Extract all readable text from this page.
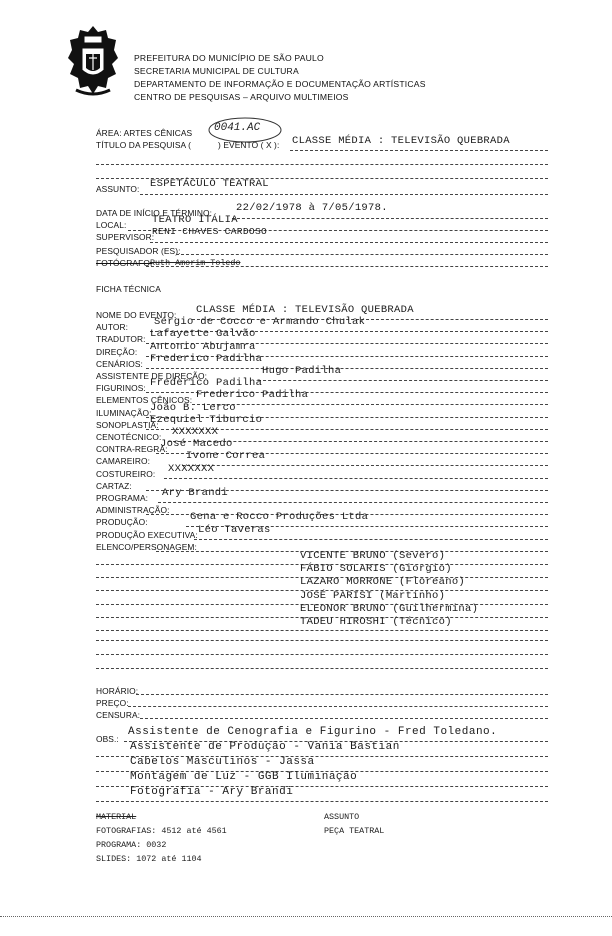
PREFEITURA DO MUNICÍPIO DE SÃO PAULO
SECRETARIA MUNICIPAL DE CULTURA
DEPARTAMENTO DE INFORMAÇÃO E DOCUMENTAÇÃO ARTÍSTICAS
CENTRO DE PESQUISAS – ARQUIVO MULTIMEIOS
ÁREA: ARTES CÊNICAS 0041.AC
TÍTULO DA PESQUISA (	) EVENTO ( X ): CLASSE MÉDIA : TELEVISÃO QUEBRADA
ASSUNTO: ESPETÁCULO TEATRAL
DATA DE INÍCIO E TÉRMINO: 22/02/1978 à 7/05/1978.
LOCAL: TEATRO ITÁLIA
SUPERVISOR:
RENI CHAVES CARDOSO
PESQUISADOR (ES):
FOTÓGRAFO:
Ruth Amorim Toledo
FICHA TÉCNICA
NOME DO EVENTO: CLASSE MÉDIA : TELEVISÃO QUEBRADA
AUTOR: Sérgio de Cocco e Armando Chulak
TRADUTOR: Lafayette Galvão
DIREÇÃO: Antonio Abujamra
CENÁRIOS: Frederico Padilha
ASSISTENTE DE DIREÇÃO:	Hugo Padilha
FIGURINOS: Frederico Padilha
ELEMENTOS CÊNICOS: Frederico Padilha
ILUMINAÇÃO:
João B. Lerco
SONOPLASTIA:
Ezequiel Tiburcio
CENOTÉCNICO: XXXXXXX
CONTRA-REGRA:
José Macedo
CAMAREIRO:	Ivone Correa
COSTUREIRO: XXXXXXX
CARTAZ:
PROGRAMA: Ary Brandi
ADMINISTRAÇÃO:
PRODUÇÃO:	Gena e Rocco Produções Ltda
PRODUÇÃO EXECUTIVA: Léo Taveras
ELENCO/PERSONAGEM:
VICENTE BRUNO (Severo)
FÁBIO SOLARIS (Giorgio)
LAZARO MORRONE (Floreano)
JOSÉ PARISI (Martinho)
ELEONOR BRUNO (Guilhermina)
TADEU HIROSHI (Técnico)
HORÁRIO:
PREÇO:
CENSURA:
OBS.:
Assistente de Cenografia e Figurino - Fred Toledano.
Assistente de Produção - Vania Bastian
Cabelos Masculinos - Jassa
Montagem de Luz - GGB Iluminação
Fotografia - Ary Brandi
MATERIAL
FOTOGRAFIAS: 4512 até 4561
PROGRAMA: 0032
SLIDES: 1072 até 1104
ASSUNTO
PEÇA TEATRAL
